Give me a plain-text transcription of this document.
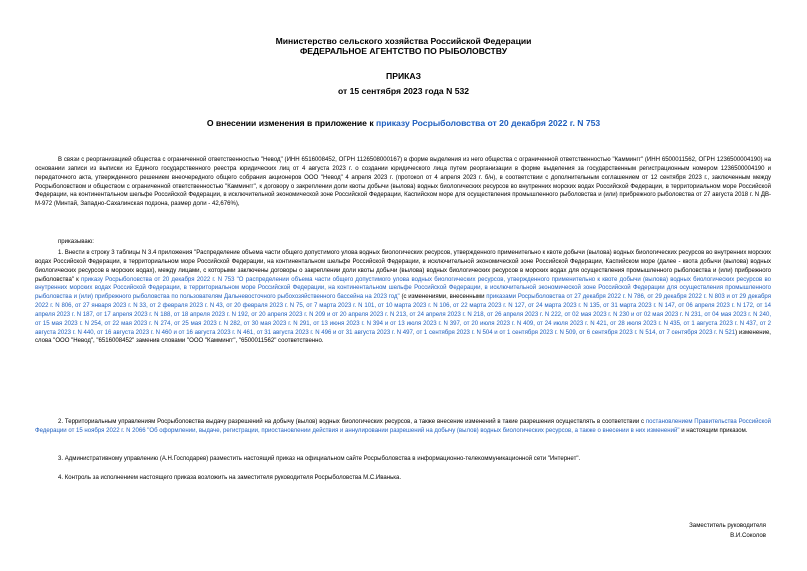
Министерство сельского хозяйства Российской Федерации
ФЕДЕРАЛЬНОЕ АГЕНТСТВО ПО РЫБОЛОВСТВУ
ПРИКАЗ
от 15 сентября 2023 года N 532
О внесении изменения в приложение к приказу Росрыболовства от 20 декабря 2022 г. N 753

В связи с реорганизацией общества с ограниченной ответственностью "Невод" (ИНН 6516008452, ОГРН 1126508000167) в форме выделения из него общества с ограниченной ответственностью "Каммингг" (ИНН 6500011562, ОГРН 1236500004190) на основании записи из выписки из Единого государственного реестра юридических лиц от 4 августа 2023 г. о создании юридического лица путем реорганизации в форме выделения за государственным регистрационным номером 1236500004190 и передаточного акта, утвержденного решением внеочередного общего собрания акционеров ООО "Невод" 4 апреля 2023 г. (протокол от 4 апреля 2023 г. б/н), в соответствии с дополнительным соглашением от 12 сентября 2023 г., заключенным между Росрыболовством и обществом с ограниченной ответственностью "Каммингг", к договору о закреплении доли квоты добычи (вылова) водных биологических ресурсов во внутренних морских водах Российской Федерации, в территориальном море Российской Федерации, на континентальном шельфе Российской Федерации, в исключительной экономической зоне Российской Федерации, Каспийском море для осуществления промышленного рыболовства и (или) прибрежного рыболовства от 27 августа 2018 г. N ДВ-М-972 (Минтай, Западно-Сахалинская подзона, размер доли - 42,676%),

приказываю:

1. Внести в строку 3 таблицы N 3.4 приложения "Распределение объема части общего допустимого улова водных биологических ресурсов, утвержденного применительно к квоте добычи (вылова) водных биологических ресурсов во внутренних морских водах Российской Федерации, в территориальном море Российской Федерации, на континентальном шельфе Российской Федерации, в исключительной экономической зоне Российской Федерации, Каспийском море (далее - квота добычи (вылова) водных биологических ресурсов в морских водах), между лицами, с которыми заключены договоры о закреплении доли квоты добычи (вылова) водных биологических ресурсов в морских водах для осуществления промышленного рыболовства и (или) прибрежного рыболовства" к приказу Росрыболовства от 20 декабря 2022 г. N 753 "О распределении объема части общего допустимого улова водных биологических ресурсов, утвержденного применительно к квоте добычи (вылова) водных биологических ресурсов во внутренних морских водах Российской Федерации, в территориальном море Российской Федерации, на континентальном шельфе Российской Федерации, в исключительной экономической зоне Российской Федерации для осуществления промышленного рыболовства и (или) прибрежного рыболовства по пользователям Дальневосточного рыбохозяйственного бассейна на 2023 год" (с изменениями, внесенными приказами Росрыболовства от 27 декабря 2022 г. N 786, от 29 декабря 2022 г. N 803 и от 29 декабря 2022 г. N 806, от 27 января 2023 г. N 33, от 2 февраля 2023 г. N 43, от 20 февраля 2023 г. N 75, от 7 марта 2023 г. N 101, от 10 марта 2023 г. N 106, от 22 марта 2023 г. N 127, от 24 марта 2023 г. N 135, от 31 марта 2023 г. N 147, от 06 апреля 2023 г. N 172, от 14 апреля 2023 г. N 187, от 17 апреля 2023 г. N 188, от 18 апреля 2023 г. N 192, от 20 апреля 2023 г. N 209 и от 20 апреля 2023 г. N 213, от 24 апреля 2023 г. N 218, от 26 апреля 2023 г. N 222, от 02 мая 2023 г. N 230 и от 02 мая 2023 г. N 231, от 04 мая 2023 г. N 240, от 15 мая 2023 г. N 254, от 22 мая 2023 г. N 274, от 25 мая 2023 г. N 282, от 30 мая 2023 г. N 291, от 13 июня 2023 г. N 394 и от 13 июля 2023 г. N 397, от 20 июля 2023 г. N 409, от 24 июля 2023 г. N 421, от 28 июля 2023 г. N 435, от 1 августа 2023 г. N 437, от 2 августа 2023 г. N 440, от 16 августа 2023 г. N 460 и от 16 августа 2023 г. N 461, от 31 августа 2023 г. N 496 и от 31 августа 2023 г. N 497, от 1 сентября 2023 г. N 504 и от 1 сентября 2023 г. N 509, от 6 сентября 2023 г. N 514, от 7 сентября 2023 г. N 521) изменение, слова "ООО "Невод", "6516008452" заменив словами "ООО "Каммингг", "6500011562" соответственно.

2. Территориальным управлениям Росрыболовства выдачу разрешений на добычу (вылов) водных биологических ресурсов, а также внесение изменений в такие разрешения осуществлять в соответствии с постановлением Правительства Российской Федерации от 15 ноября 2022 г. N 2066 "Об оформлении, выдаче, регистрации, приостановлении действия и аннулировании разрешений на добычу (вылов) водных биологических ресурсов, а также о внесении в них изменений" и настоящим приказом.

3. Административному управлению (А.Н.Господарев) разместить настоящий приказ на официальном сайте Росрыболовства в информационно-телекоммуникационной сети "Интернет".

4. Контроль за исполнением настоящего приказа возложить на заместителя руководителя Росрыболовства М.С.Иванька.

Заместитель руководителя
В.И.Соколов
